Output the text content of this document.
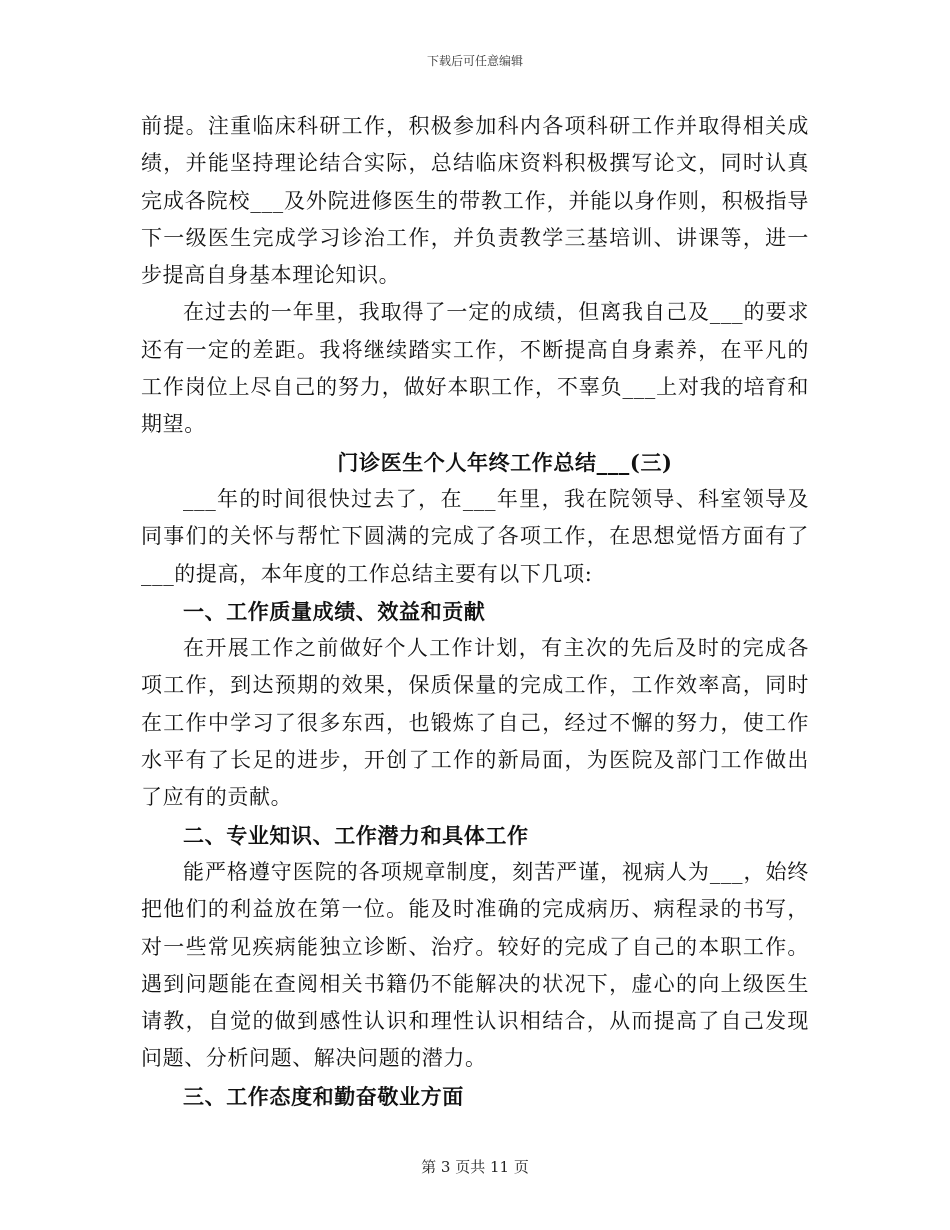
下载后可任意编辑

前提。注重临床科研工作，积极参加科内各项科研工作并取得相关成绩，并能坚持理论结合实际，总结临床资料积极撰写论文，同时认真完成各院校___及外院进修医生的带教工作，并能以身作则，积极指导下一级医生完成学习诊治工作，并负责教学三基培训、讲课等，进一步提高自身基本理论知识。

在过去的一年里，我取得了一定的成绩，但离我自己及___的要求还有一定的差距。我将继续踏实工作，不断提高自身素养，在平凡的工作岗位上尽自己的努力，做好本职工作，不辜负___上对我的培育和期望。

门诊医生个人年终工作总结___(三)

___年的时间很快过去了，在___年里，我在院领导、科室领导及同事们的关怀与帮忙下圆满的完成了各项工作，在思想觉悟方面有了___的提高，本年度的工作总结主要有以下几项:

一、工作质量成绩、效益和贡献

在开展工作之前做好个人工作计划，有主次的先后及时的完成各项工作，到达预期的效果，保质保量的完成工作，工作效率高，同时在工作中学习了很多东西，也锻炼了自己，经过不懈的努力，使工作水平有了长足的进步，开创了工作的新局面，为医院及部门工作做出了应有的贡献。

二、专业知识、工作潜力和具体工作

能严格遵守医院的各项规章制度，刻苦严谨，视病人为___，始终把他们的利益放在第一位。能及时准确的完成病历、病程录的书写，对一些常见疾病能独立诊断、治疗。较好的完成了自己的本职工作。遇到问题能在查阅相关书籍仍不能解决的状况下，虚心的向上级医生请教，自觉的做到感性认识和理性认识相结合，从而提高了自己发现问题、分析问题、解决问题的潜力。

三、工作态度和勤奋敬业方面

第 3 页共 11 页
